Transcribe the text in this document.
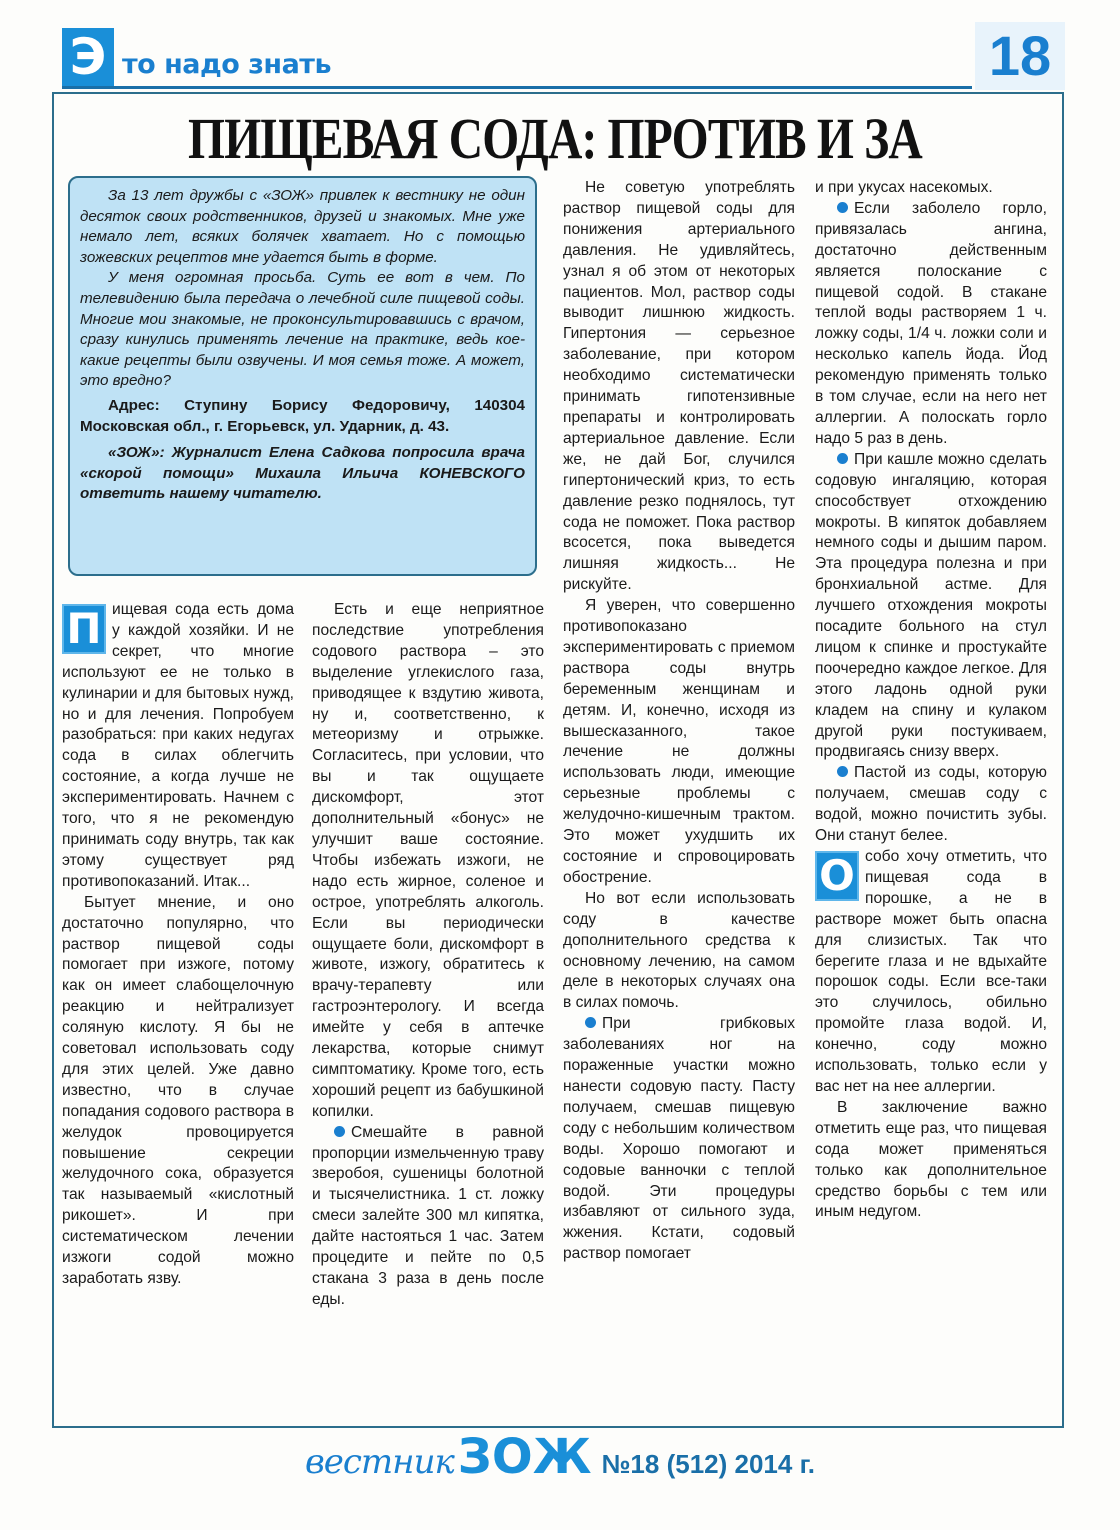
Э то надо знать	18
ПИЩЕВАЯ СОДА: ПРОТИВ И ЗА

За 13 лет дружбы с «ЗОЖ» привлек к вестнику не один десяток своих родственников, друзей и знакомых. Мне уже немало лет, всяких болячек хватает. Но с помощью зожевских рецептов мне удается быть в форме.

У меня огромная просьба. Суть ее вот в чем. По телевидению была передача о лечебной силе пищевой соды. Многие мои знакомые, не проконсультировавшись с врачом, сразу кинулись применять лечение на практике, ведь кое-какие рецепты были озвучены. И моя семья тоже. А может, это вредно?

Адрес: Ступину Борису Федоровичу, 140304 Московская обл., г. Егорьевск, ул. Ударник, д. 43.

«ЗОЖ»: Журналист Елена Садкова попросила врача «скорой помощи» Михаила Ильича КОНЕВСКОГО ответить нашему читателю.

П ищевая сода есть дома у каждой хозяйки. И не секрет, что многие используют ее не только в кулинарии и для бытовых нужд, но и для лечения. Попробуем разобраться: при каких недугах сода в силах облегчить состояние, а когда лучше не экспериментировать. Начнем с того, что я не рекомендую принимать соду внутрь, так как этому существует ряд противопоказаний. Итак...

Бытует мнение, и оно достаточно популярно, что раствор пищевой соды помогает при изжоге, потому как он имеет слабощелочную реакцию и нейтрализует соляную кислоту. Я бы не советовал использовать соду для этих целей. Уже давно известно, что в случае попадания содового раствора в желудок провоцируется повышение секреции желудочного сока, образуется так называемый «кислотный рикошет». И при систематическом лечении изжоги содой можно заработать язву.

Есть и еще неприятное последствие употребления содового раствора – это выделение углекислого газа, приводящее к вздутию живота, ну и, соответственно, к метеоризму и отрыжке. Согласитесь, при условии, что вы и так ощущаете дискомфорт, этот дополнительный «бонус» не улучшит ваше состояние. Чтобы избежать изжоги, не надо есть жирное, соленое и острое, употреблять алкоголь. Если вы периодически ощущаете боли, дискомфорт в животе, изжогу, обратитесь к врачу-терапевту или гастроэнтерологу. И всегда имейте у себя в аптечке лекарства, которые снимут симптоматику. Кроме того, есть хороший рецепт из бабушкиной копилки.

Смешайте в равной пропорции измельченную траву зверобоя, сушеницы болотной и тысячелистника. 1 ст. ложку смеси залейте 300 мл кипятка, дайте настояться 1 час. Затем процедите и пейте по 0,5 стакана 3 раза в день после еды.

Не советую употреблять раствор пищевой соды для понижения артериального давления. Не удивляйтесь, узнал я об этом от некоторых пациентов. Мол, раствор соды выводит лишнюю жидкость. Гипертония — серьезное заболевание, при котором необходимо систематически принимать гипотензивные препараты и контролировать артериальное давление. Если же, не дай Бог, случился гипертонический криз, то есть давление резко поднялось, тут сода не поможет. Пока раствор всосется, пока выведется лишняя жидкость... Не рискуйте.

Я уверен, что совершенно противопоказано экспериментировать с приемом раствора соды внутрь беременным женщинам и детям. И, конечно, исходя из вышесказанного, такое лечение не должны использовать люди, имеющие серьезные проблемы с желудочно-кишечным трактом. Это может ухудшить их состояние и спровоцировать обострение.

Но вот если использовать соду в качестве дополнительного средства к основному лечению, на самом деле в некоторых случаях она в силах помочь.

При грибковых заболеваниях ног на пораженные участки можно нанести содовую пасту. Пасту получаем, смешав пищевую соду с небольшим количеством воды. Хорошо помогают и содовые ванночки с теплой водой. Эти процедуры избавляют от сильного зуда, жжения. Кстати, содовый раствор помогает

и при укусах насекомых.

Если заболело горло, привязалась ангина, достаточно действенным является полоскание с пищевой содой. В стакане теплой воды растворяем 1 ч. ложку соды, 1/4 ч. ложки соли и несколько капель йода. Йод рекомендую применять только в том случае, если на него нет аллергии. А полоскать горло надо 5 раз в день.

При кашле можно сделать содовую ингаляцию, которая способствует отхождению мокроты. В кипяток добавляем немного соды и дышим паром. Эта процедура полезна и при бронхиальной астме. Для лучшего отхождения мокроты посадите больного на стул лицом к спинке и простукайте поочередно каждое легкое. Для этого ладонь одной руки кладем на спину и кулаком другой руки постукиваем, продвигаясь снизу вверх.

Пастой из соды, которую получаем, смешав соду с водой, можно почистить зубы. Они станут белее.

О собо хочу отметить, что пищевая сода в порошке, а не в растворе может быть опасна для слизистых. Так что берегите глаза и не вдыхайте порошок соды. Если все-таки это случилось, обильно промойте глаза водой. И, конечно, соду можно использовать, только если у вас нет на нее аллергии.

В заключение важно отметить еще раз, что пищевая сода может применяться только как дополнительное средство борьбы с тем или иным недугом.

вестникЗОЖ №18 (512) 2014 г.
